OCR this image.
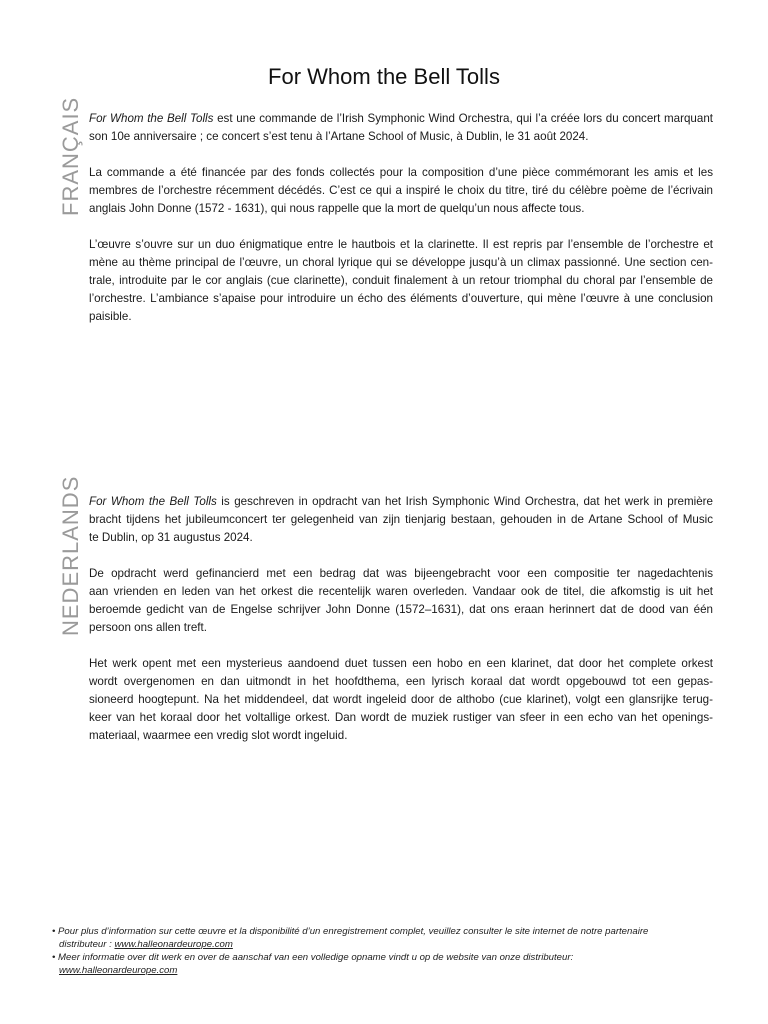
For Whom the Bell Tolls
FRANÇAIS
NEDERLANDS
For Whom the Bell Tolls est une commande de l’Irish Symphonic Wind Orchestra, qui l’a créée lors du concert marquant
son 10e anniversaire ; ce concert s’est tenu à l’Artane School of Music, à Dublin, le 31 août 2024.
La commande a été financée par des fonds collectés pour la composition d’une pièce commémorant les amis et les
membres de l’orchestre récemment décédés. C’est ce qui a inspiré le choix du titre, tiré du célèbre poème de l’écrivain
anglais John Donne (1572 - 1631), qui nous rappelle que la mort de quelqu’un nous affecte tous.
L’œuvre s’ouvre sur un duo énigmatique entre le hautbois et la clarinette. Il est repris par l’ensemble de l’orchestre et
mène au thème principal de l’œuvre, un choral lyrique qui se développe jusqu’à un climax passionné. Une section cen-
trale, introduite par le cor anglais (cue clarinette), conduit finalement à un retour triomphal du choral par l’ensemble de
l’orchestre. L’ambiance s’apaise pour introduire un écho des éléments d’ouverture, qui mène l’œuvre à une conclusion
paisible.
For Whom the Bell Tolls is geschreven in opdracht van het Irish Symphonic Wind Orchestra, dat het werk in première
bracht tijdens het jubileumconcert ter gelegenheid van zijn tienjarig bestaan, gehouden in de Artane School of Music
te Dublin, op 31 augustus 2024.
De opdracht werd gefinancierd met een bedrag dat was bijeengebracht voor een compositie ter nagedachtenis
aan vrienden en leden van het orkest die recentelijk waren overleden. Vandaar ook de titel, die afkomstig is uit het
beroemde gedicht van de Engelse schrijver John Donne (1572–1631), dat ons eraan herinnert dat de dood van één
persoon ons allen treft.
Het werk opent met een mysterieus aandoend duet tussen een hobo en een klarinet, dat door het complete orkest
wordt overgenomen en dan uitmondt in het hoofdthema, een lyrisch koraal dat wordt opgebouwd tot een gepas-
sioneerd hoogtepunt. Na het middendeel, dat wordt ingeleid door de althobo (cue klarinet), volgt een glansrijke terug-
keer van het koraal door het voltallige orkest. Dan wordt de muziek rustiger van sfeer in een echo van het openings-
materiaal, waarmee een vredig slot wordt ingeluid.
• Pour plus d’information sur cette œuvre et la disponibilité d’un enregistrement complet, veuillez consulter le site internet de notre partenaire
distributeur : www.halleonardeurope.com
• Meer informatie over dit werk en over de aanschaf van een volledige opname vindt u op de website van onze distributeur:
www.halleonardeurope.com
